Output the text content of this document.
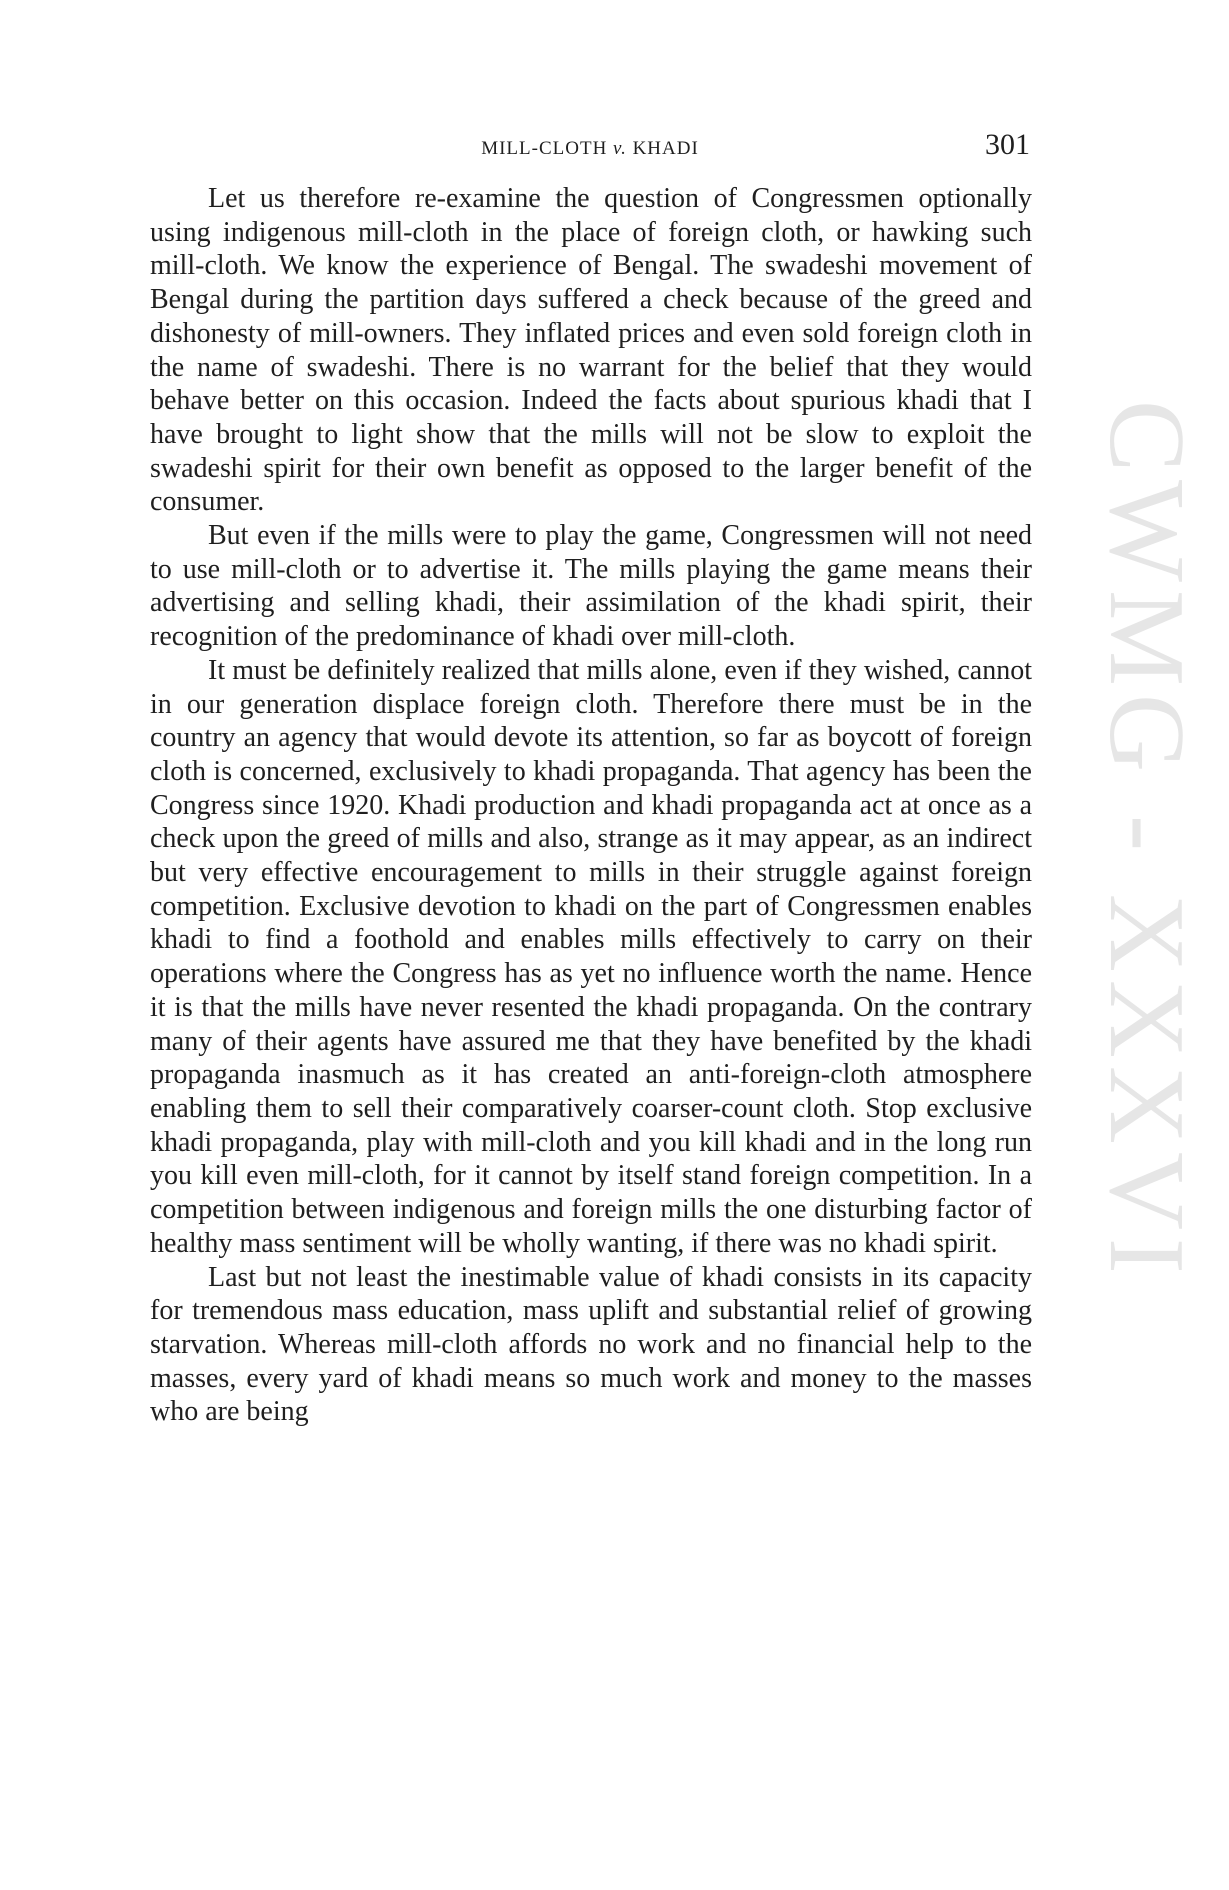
CWMG - XXXVI
MILL-CLOTH v. KHADI	301

Let us therefore re-examine the question of Congressmen optionally using indigenous mill-cloth in the place of foreign cloth, or hawking such mill-cloth. We know the experience of Bengal. The swadeshi movement of Bengal during the partition days suffered a check because of the greed and dishonesty of mill-owners. They inflated prices and even sold foreign cloth in the name of swadeshi. There is no warrant for the belief that they would behave better on this occasion. Indeed the facts about spurious khadi that I have brought to light show that the mills will not be slow to exploit the swadeshi spirit for their own benefit as opposed to the larger benefit of the consumer.

But even if the mills were to play the game, Congressmen will not need to use mill-cloth or to advertise it. The mills playing the game means their advertising and selling khadi, their assimilation of the khadi spirit, their recognition of the predominance of khadi over mill-cloth.

It must be definitely realized that mills alone, even if they wished, cannot in our generation displace foreign cloth. Therefore there must be in the country an agency that would devote its attention, so far as boycott of foreign cloth is concerned, exclusively to khadi propaganda. That agency has been the Congress since 1920. Khadi production and khadi propaganda act at once as a check upon the greed of mills and also, strange as it may appear, as an indirect but very effective encouragement to mills in their struggle against foreign competition. Exclusive devotion to khadi on the part of Congressmen enables khadi to find a foothold and enables mills effectively to carry on their operations where the Congress has as yet no influence worth the name. Hence it is that the mills have never resented the khadi propaganda. On the contrary many of their agents have assured me that they have benefited by the khadi propaganda inasmuch as it has created an anti-foreign-cloth atmosphere enabling them to sell their comparatively coarser-count cloth. Stop exclusive khadi propaganda, play with mill-cloth and you kill khadi and in the long run you kill even mill-cloth, for it cannot by itself stand foreign competition. In a competition between indigenous and foreign mills the one disturbing factor of healthy mass sentiment will be wholly wanting, if there was no khadi spirit.

Last but not least the inestimable value of khadi consists in its capacity for tremendous mass education, mass uplift and substantial relief of growing starvation. Whereas mill-cloth affords no work and no financial help to the masses, every yard of khadi means so much work and money to the masses who are being
